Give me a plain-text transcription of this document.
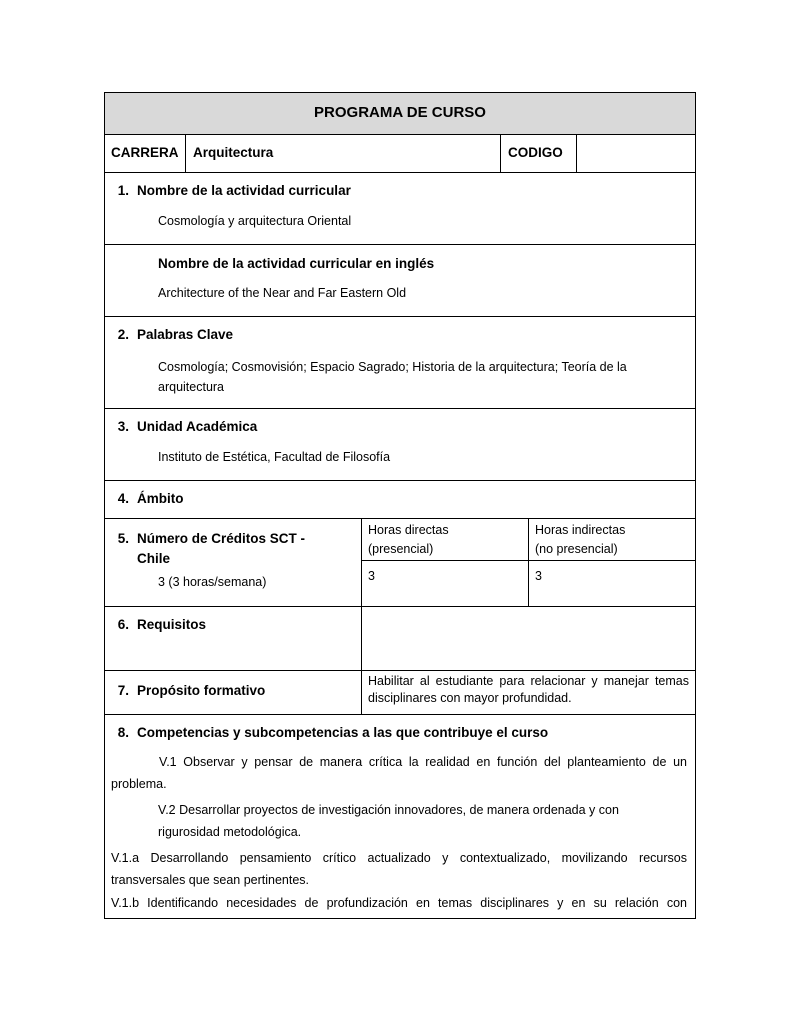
PROGRAMA DE CURSO
CARRERA Arquitectura	CODIGO
1. Nombre de la actividad curricular
Cosmología y arquitectura Oriental
Nombre de la actividad curricular en inglés
Architecture of the Near and Far Eastern Old
2. Palabras Clave
Cosmología; Cosmovisión; Espacio Sagrado; Historia de la arquitectura; Teoría de la arquitectura
3. Unidad Académica
Instituto de Estética, Facultad de Filosofía
4. Ámbito
5. Número de Créditos SCT - Chile
3 (3 horas/semana)
Horas directas
(presencial)
Horas indirectas
(no presencial)
3	3
6. Requisitos
7. Propósito formativo
Habilitar al estudiante para relacionar y manejar temas disciplinares con mayor profundidad.
8. Competencias y subcompetencias a las que contribuye el curso
V.1 Observar y pensar de manera crítica la realidad en función del planteamiento de un problema.
V.2 Desarrollar proyectos de investigación innovadores, de manera ordenada y con rigurosidad metodológica.
V.1.a Desarrollando pensamiento crítico actualizado y contextualizado, movilizando recursos transversales que sean pertinentes.
V.1.b Identificando necesidades de profundización en temas disciplinares y en su relación con
